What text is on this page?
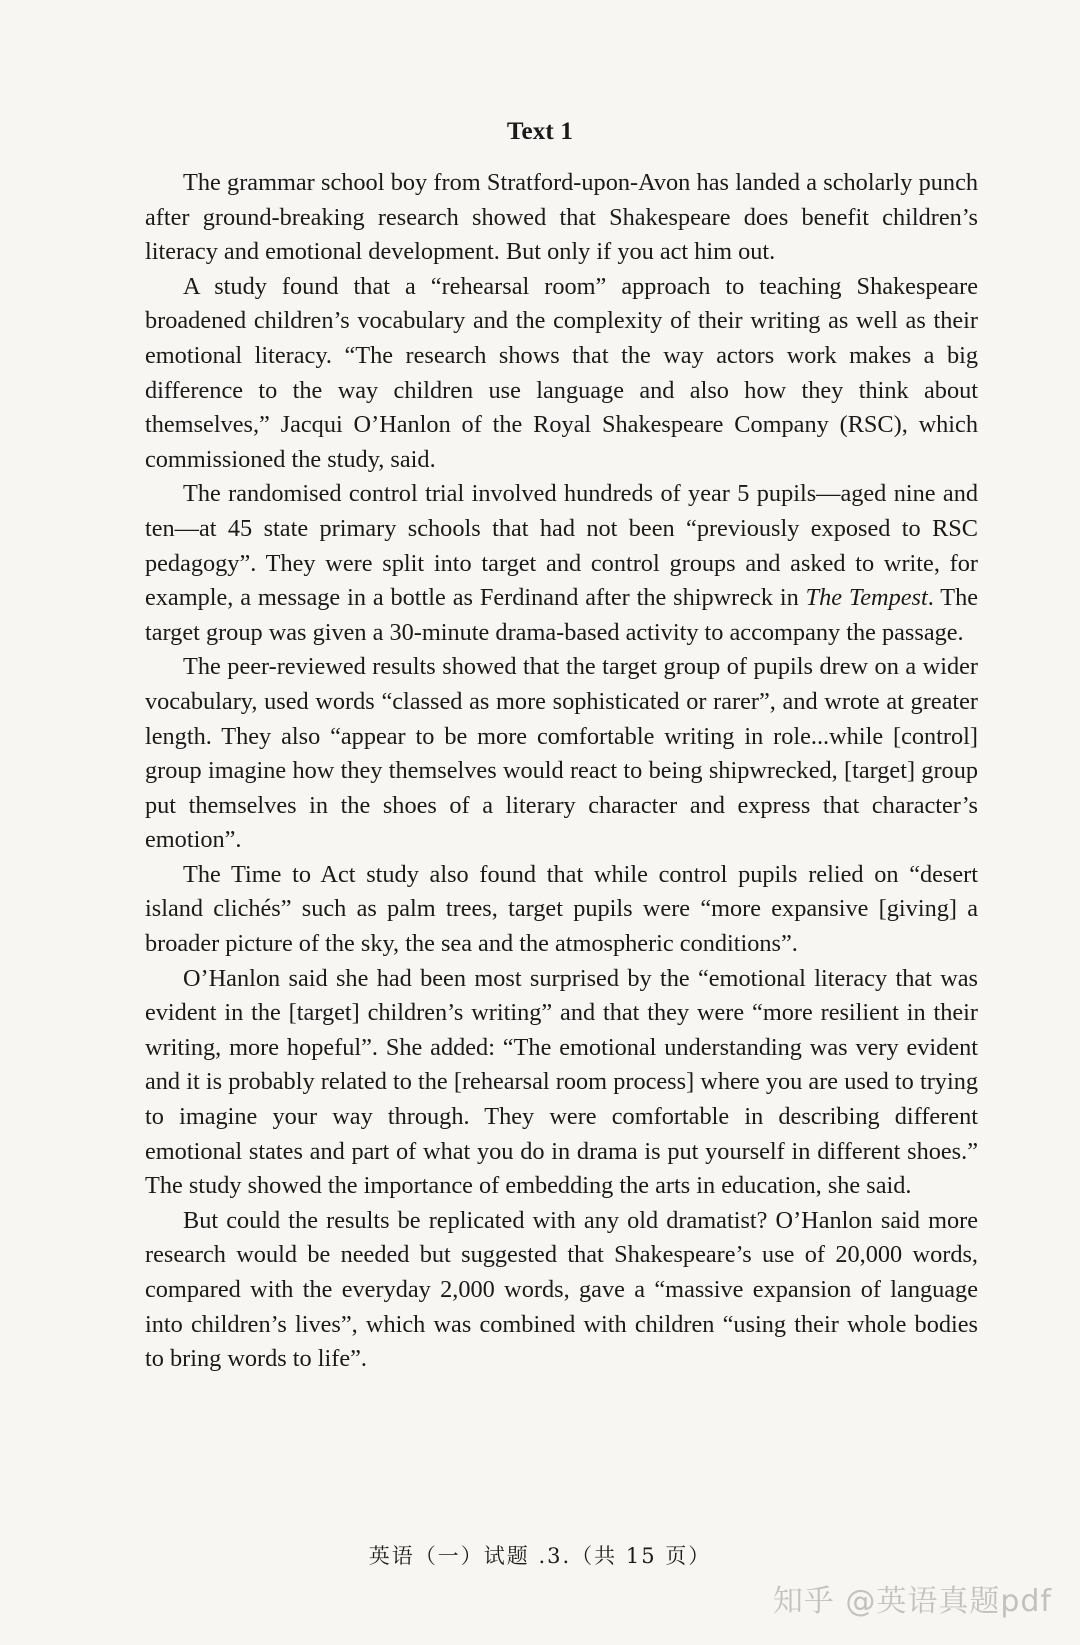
Text 1

The grammar school boy from Stratford-upon-Avon has landed a scholarly punch after ground-breaking research showed that Shakespeare does benefit children’s literacy and emotional development. But only if you act him out.

A study found that a “rehearsal room” approach to teaching Shakespeare broadened children’s vocabulary and the complexity of their writing as well as their emotional literacy. “The research shows that the way actors work makes a big difference to the way children use language and also how they think about themselves,” Jacqui O’Hanlon of the Royal Shakespeare Company (RSC), which commissioned the study, said.

The randomised control trial involved hundreds of year 5 pupils—aged nine and ten—at 45 state primary schools that had not been “previously exposed to RSC pedagogy”. They were split into target and control groups and asked to write, for example, a message in a bottle as Ferdinand after the shipwreck in The Tempest. The target group was given a 30-minute drama-based activity to accompany the passage.

The peer-reviewed results showed that the target group of pupils drew on a wider vocabulary, used words “classed as more sophisticated or rarer”, and wrote at greater length. They also “appear to be more comfortable writing in role...while [control] group imagine how they themselves would react to being shipwrecked, [target] group put themselves in the shoes of a literary character and express that character’s emotion”.

The Time to Act study also found that while control pupils relied on “desert island clichés” such as palm trees, target pupils were “more expansive [giving] a broader picture of the sky, the sea and the atmospheric conditions”.

O’Hanlon said she had been most surprised by the “emotional literacy that was evident in the [target] children’s writing” and that they were “more resilient in their writing, more hopeful”. She added: “The emotional understanding was very evident and it is probably related to the [rehearsal room process] where you are used to trying to imagine your way through. They were comfortable in describing different emotional states and part of what you do in drama is put yourself in different shoes.” The study showed the importance of embedding the arts in education, she said.

But could the results be replicated with any old dramatist? O’Hanlon said more research would be needed but suggested that Shakespeare’s use of 20,000 words, compared with the everyday 2,000 words, gave a “massive expansion of language into children’s lives”, which was combined with children “using their whole bodies to bring words to life”.

英语（一）试题 .3.（共 15 页）
知乎 @英语真题pdf
